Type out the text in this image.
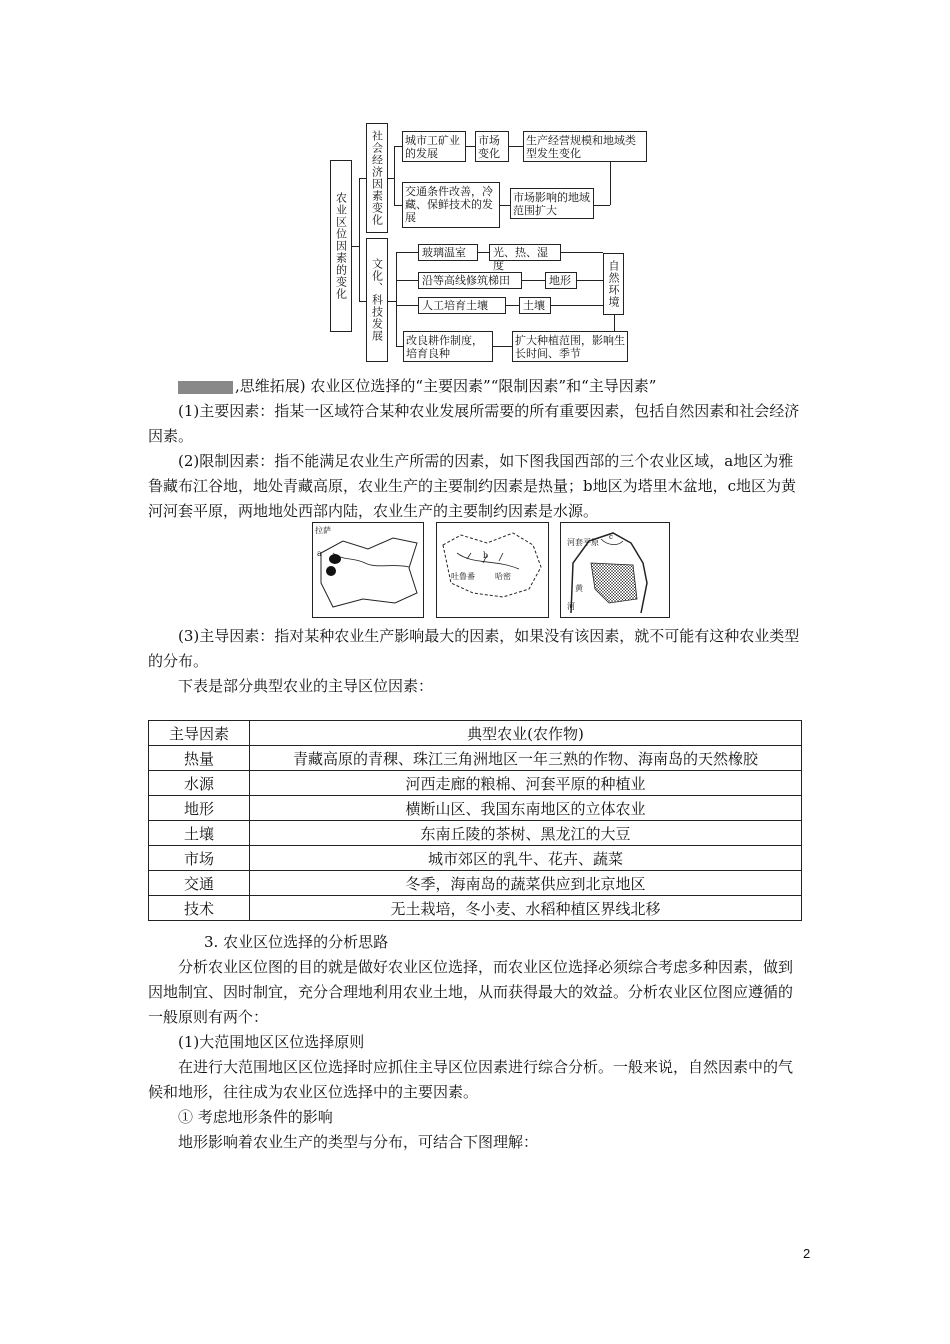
农业区位因素的变化
社会经济因素变化
文化、科技发展
城市工矿业的发展
市场变化
生产经营规模和地域类型发生变化
交通条件改善，冷藏、保鲜技术的发展
市场影响的地域范围扩大
玻璃温室	光、热、湿度
沿等高线修筑梯田	地形
人工培育土壤	土壤	自然环境
改良耕作制度，培育良种
扩大种植范围，影响生长时间、季节
,思维拓展) 农业区位选择的“主要因素”“限制因素”和“主导因素”
(1)主要因素：指某一区域符合某种农业发展所需要的所有重要因素，包括自然因素和社会经济因素。
(2)限制因素：指不能满足农业生产所需的因素，如下图我国西部的三个农业区域，a地区为雅鲁藏布江谷地，地处青藏高原，农业生产的主要制约因素是热量；b地区为塔里木盆地，c地区为黄河河套平原，两地地处西部内陆，农业生产的主要制约因素是水源。
拉萨
a	b
吐鲁番	哈密
河套平原
c
黄
河
(3)主导因素：指对某种农业生产影响最大的因素，如果没有该因素，就不可能有这种农业类型的分布。
下表是部分典型农业的主导区位因素：
主导因素	典型农业(农作物)
热量	青藏高原的青稞、珠江三角洲地区一年三熟的作物、海南岛的天然橡胶
水源	河西走廊的粮棉、河套平原的种植业
地形	横断山区、我国东南地区的立体农业
土壤	东南丘陵的茶树、黑龙江的大豆
市场	城市郊区的乳牛、花卉、蔬菜
交通	冬季，海南岛的蔬菜供应到北京地区
技术	无土栽培，冬小麦、水稻种植区界线北移
3. 农业区位选择的分析思路
分析农业区位图的目的就是做好农业区位选择，而农业区位选择必须综合考虑多种因素，做到因地制宜、因时制宜，充分合理地利用农业土地，从而获得最大的效益。分析农业区位图应遵循的一般原则有两个：
(1)大范围地区区位选择原则
在进行大范围地区区位选择时应抓住主导区位因素进行综合分析。一般来说，自然因素中的气候和地形，往往成为农业区位选择中的主要因素。
① 考虑地形条件的影响
地形影响着农业生产的类型与分布，可结合下图理解：
2
